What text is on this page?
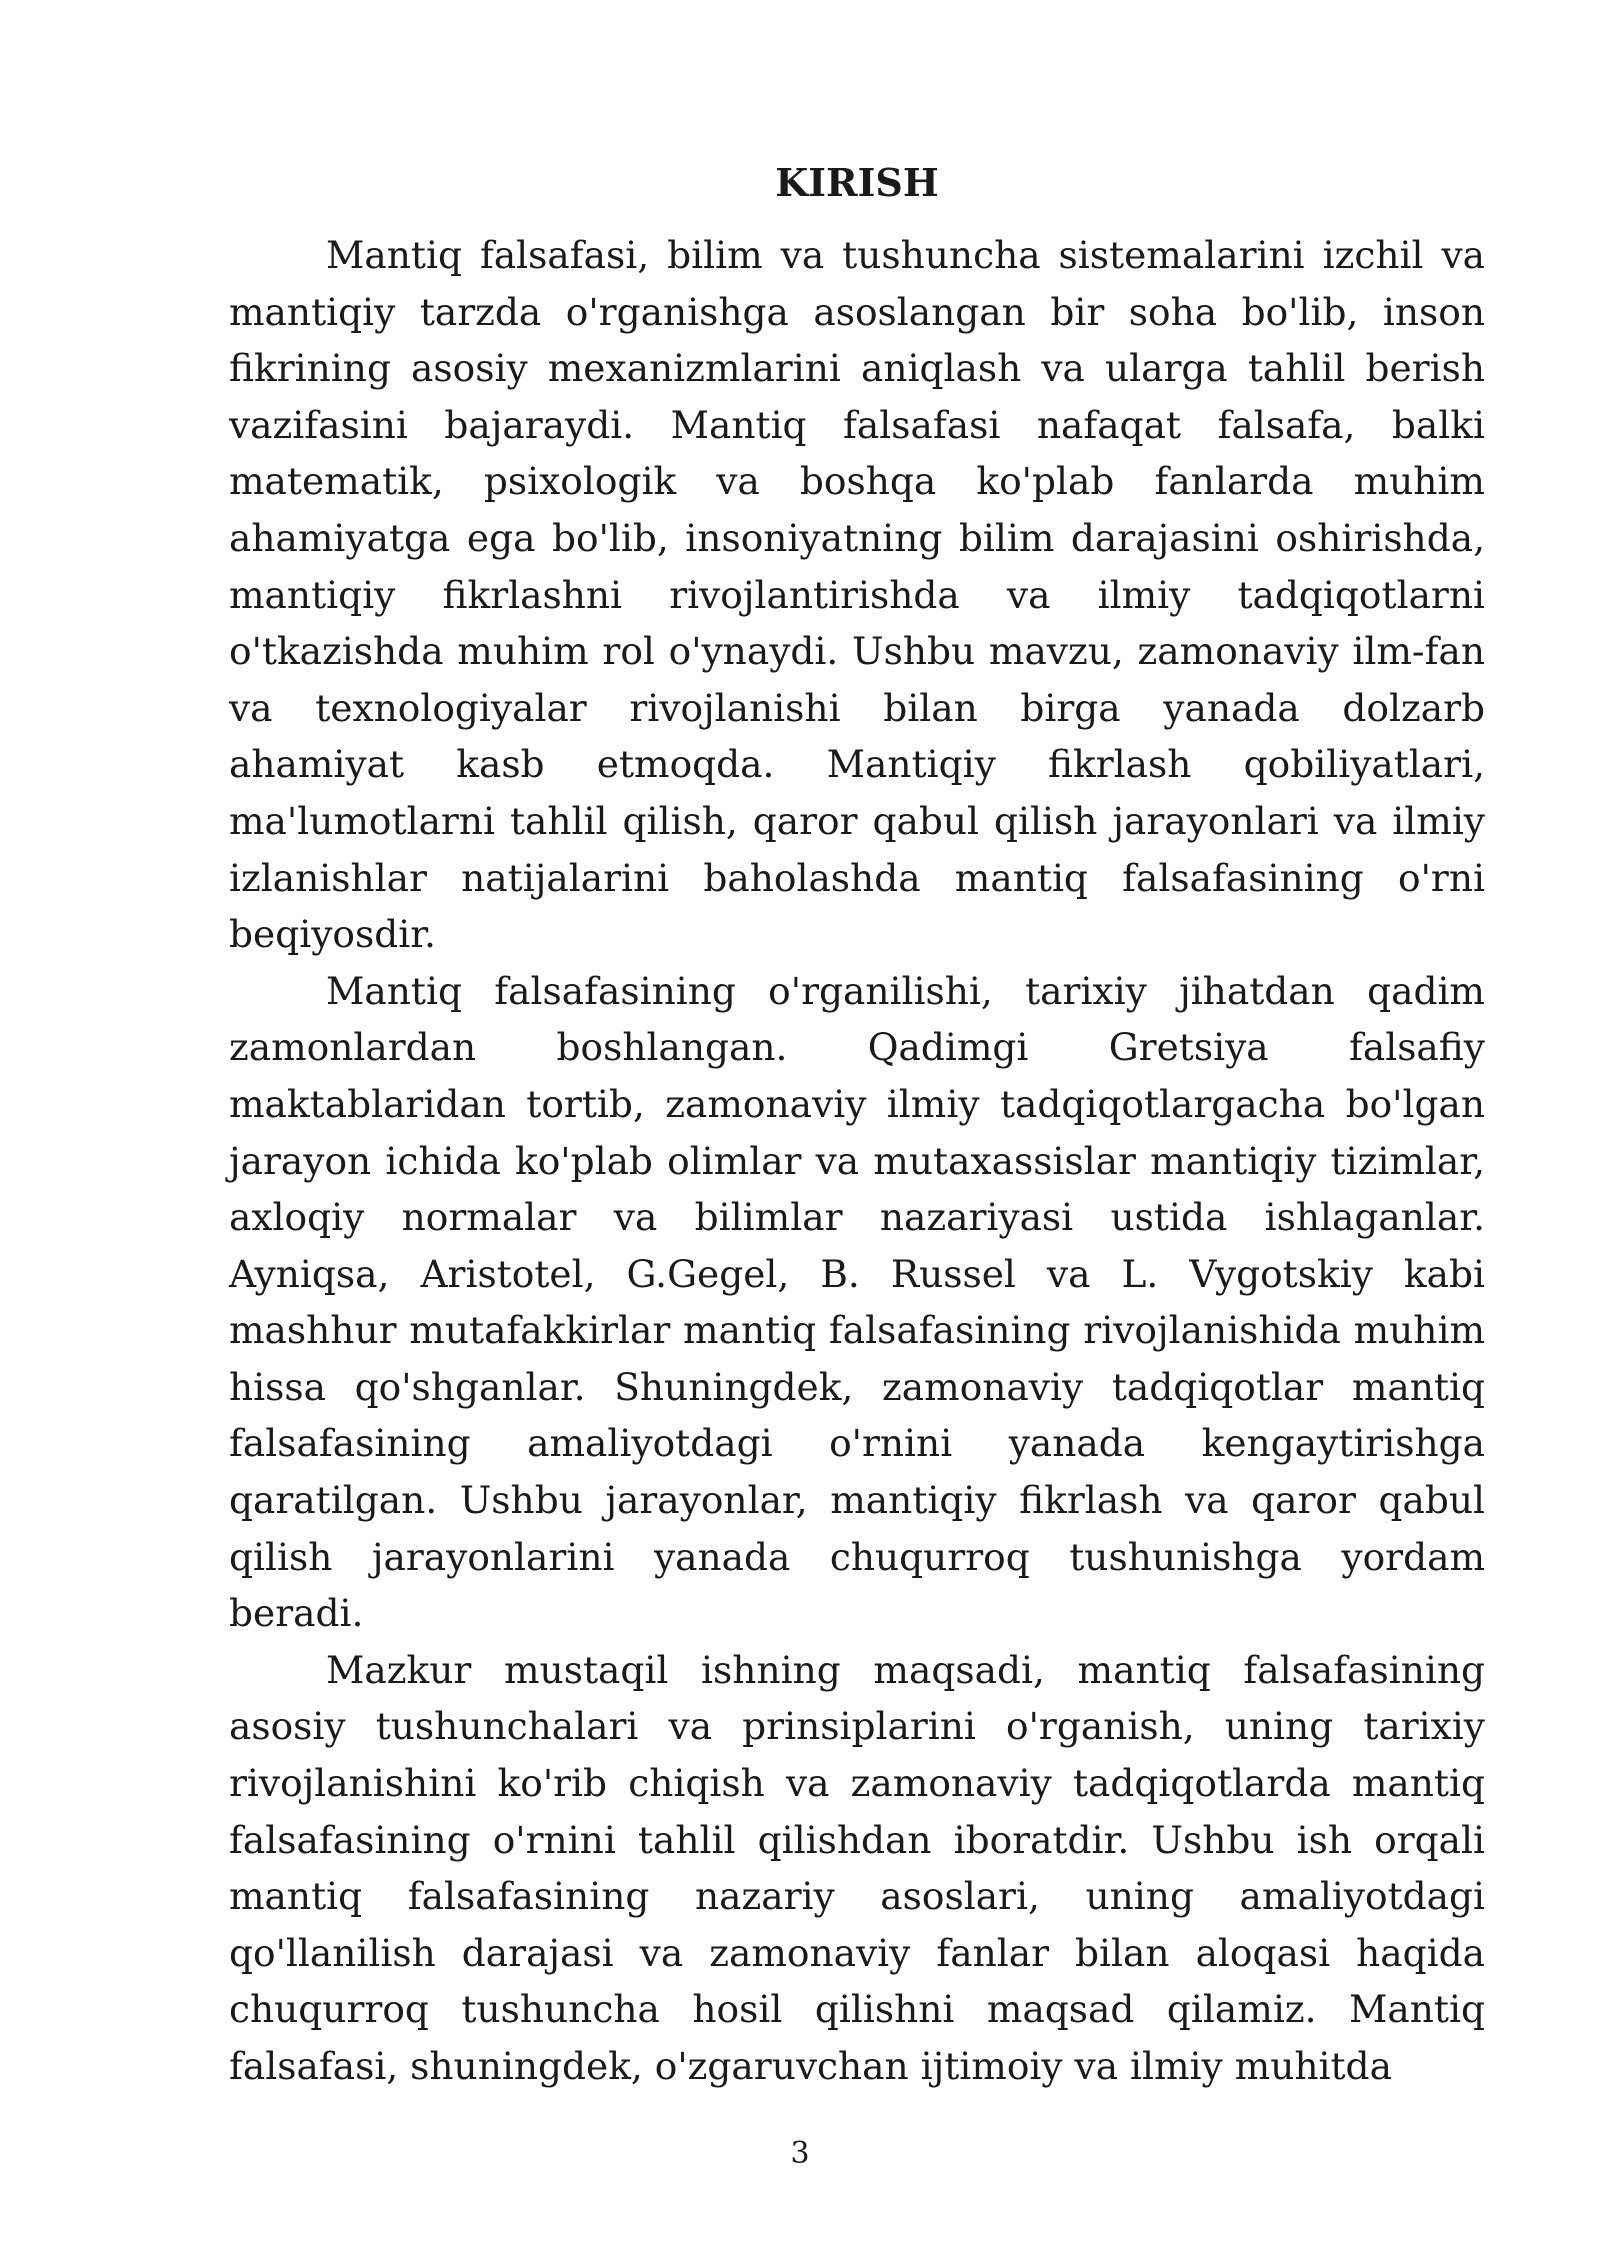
KIRISH

Mantiq falsafasi, bilim va tushuncha sistemalarini izchil va mantiqiy tarzda o'rganishga asoslangan bir soha bo'lib, inson fikrining asosiy mexanizmlarini aniqlash va ularga tahlil berish vazifasini bajaraydi. Mantiq falsafasi nafaqat falsafa, balki matematik, psixologik va boshqa ko'plab fanlarda muhim ahamiyatga ega bo'lib, insoniyatning bilim darajasini oshirishda, mantiqiy fikrlashni rivojlantirishda va ilmiy tadqiqotlarni o'tkazishda muhim rol o'ynaydi. Ushbu mavzu, zamonaviy ilm-fan va texnologiyalar rivojlanishi bilan birga yanada dolzarb ahamiyat kasb etmoqda. Mantiqiy fikrlash qobiliyatlari, ma'lumotlarni tahlil qilish, qaror qabul qilish jarayonlari va ilmiy izlanishlar natijalarini baholashda mantiq falsafasining o'rni beqiyosdir.

Mantiq falsafasining o'rganilishi, tarixiy jihatdan qadim zamonlardan boshlangan. Qadimgi Gretsiya falsafiy maktablaridan tortib, zamonaviy ilmiy tadqiqotlargacha bo'lgan jarayon ichida ko'plab olimlar va mutaxassislar mantiqiy tizimlar, axloqiy normalar va bilimlar nazariyasi ustida ishlaganlar. Ayniqsa, Aristotel, G.Gegel, B. Russel va L. Vygotskiy kabi mashhur mutafakkirlar mantiq falsafasining rivojlanishida muhim hissa qo'shganlar. Shuningdek, zamonaviy tadqiqotlar mantiq falsafasining amaliyotdagi o'rnini yanada kengaytirishga qaratilgan. Ushbu jarayonlar, mantiqiy fikrlash va qaror qabul qilish jarayonlarini yanada chuqurroq tushunishga yordam beradi.

Mazkur mustaqil ishning maqsadi, mantiq falsafasining asosiy tushunchalari va prinsiplarini o'rganish, uning tarixiy rivojlanishini ko'rib chiqish va zamonaviy tadqiqotlarda mantiq falsafasining o'rnini tahlil qilishdan iboratdir. Ushbu ish orqali mantiq falsafasining nazariy asoslari, uning amaliyotdagi qo'llanilish darajasi va zamonaviy fanlar bilan aloqasi haqida chuqurroq tushuncha hosil qilishni maqsad qilamiz. Mantiq falsafasi, shuningdek, o'zgaruvchan ijtimoiy va ilmiy muhitda

3
